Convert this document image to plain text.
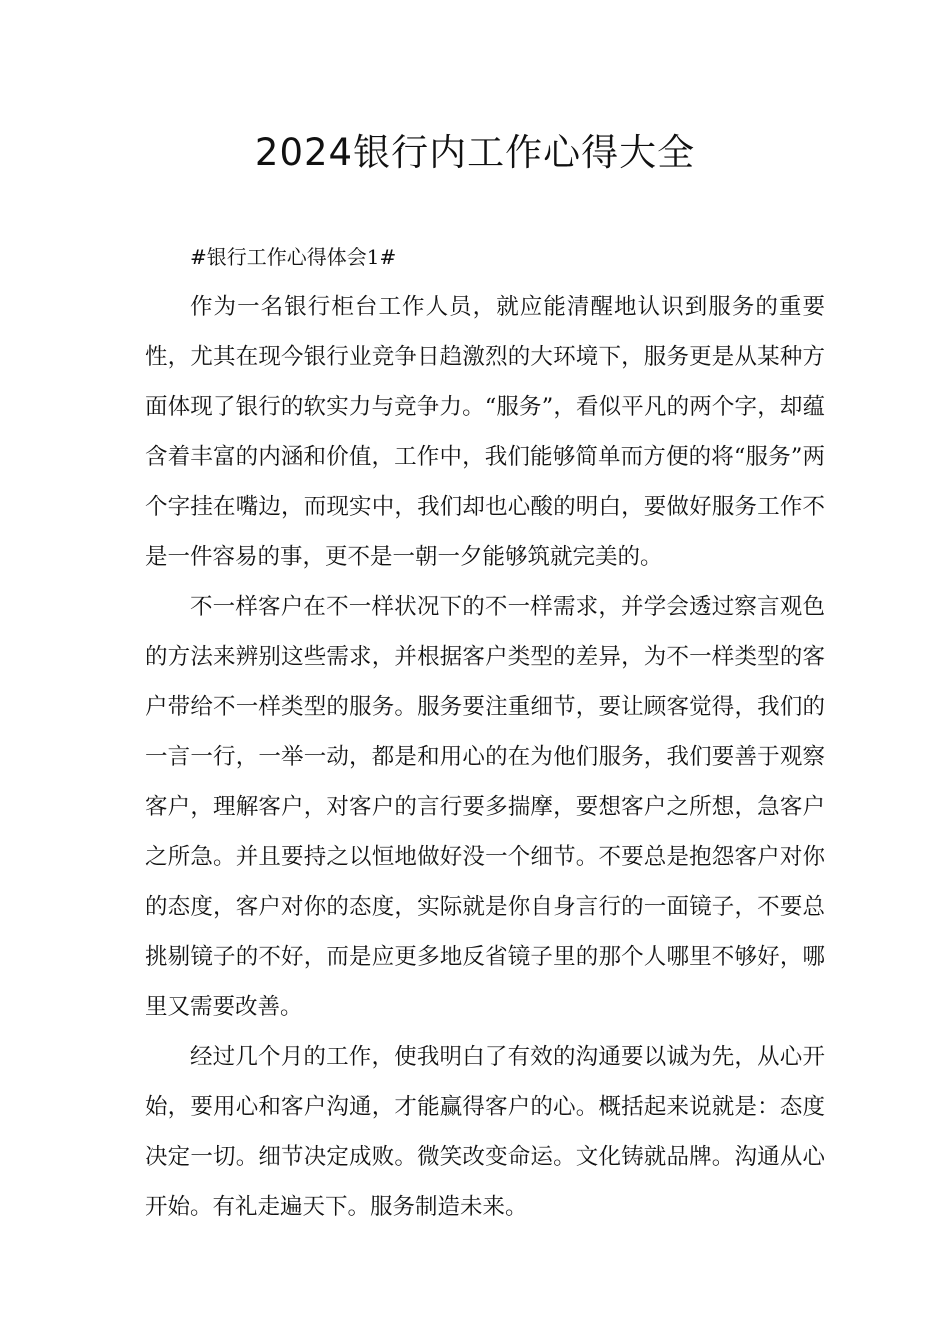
2024银行内工作心得大全
#银行工作心得体会1#

作为一名银行柜台工作人员，就应能清醒地认识到服务的重要性，尤其在现今银行业竞争日趋激烈的大环境下，服务更是从某种方面体现了银行的软实力与竞争力。“服务”，看似平凡的两个字，却蕴含着丰富的内涵和价值，工作中，我们能够简单而方便的将“服务”两个字挂在嘴边，而现实中，我们却也心酸的明白，要做好服务工作不是一件容易的事，更不是一朝一夕能够筑就完美的。

不一样客户在不一样状况下的不一样需求，并学会透过察言观色的方法来辨别这些需求，并根据客户类型的差异，为不一样类型的客户带给不一样类型的服务。服务要注重细节，要让顾客觉得，我们的一言一行，一举一动，都是和用心的在为他们服务，我们要善于观察客户，理解客户，对客户的言行要多揣摩，要想客户之所想，急客户之所急。并且要持之以恒地做好没一个细节。不要总是抱怨客户对你的态度，客户对你的态度，实际就是你自身言行的一面镜子，不要总挑剔镜子的不好，而是应更多地反省镜子里的那个人哪里不够好，哪里又需要改善。

经过几个月的工作，使我明白了有效的沟通要以诚为先，从心开始，要用心和客户沟通，才能赢得客户的心。概括起来说就是：态度决定一切。细节决定成败。微笑改变命运。文化铸就品牌。沟通从心开始。有礼走遍天下。服务制造未来。
